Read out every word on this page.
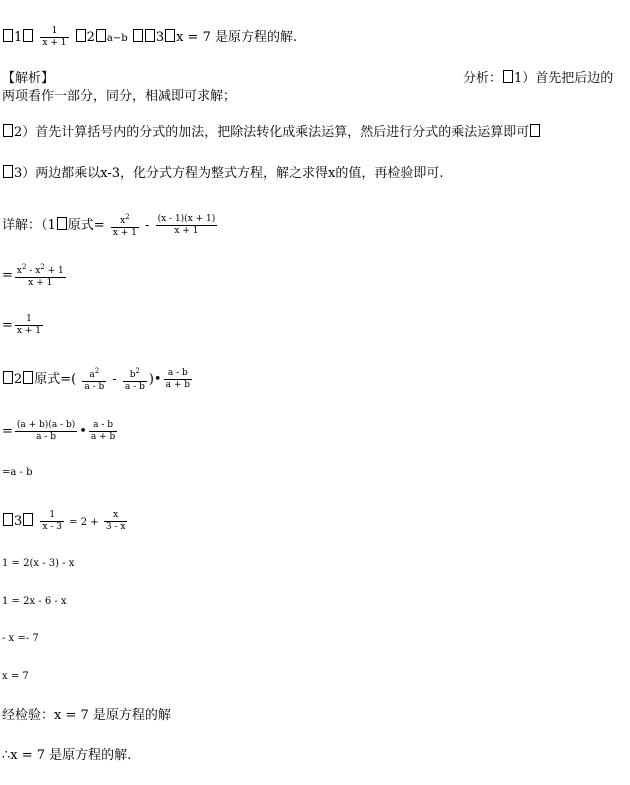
$1 \frac{1}{x + 1} 2$ a−b 3 x = 7 是原方程的解.
【解析】	分析： 1）首先把后边的
两项看作一部分，同分，相减即可求解；
2）首先计算括号内的分式的加法，把除法转化成乘法运算，然后进行分式的乘法运算即可
3）两边都乘以x-3，化分式方程为整式方程，解之求得x的值，再检验即可.
详解：（1 原式= $\frac{x^2}{x + 1} - \frac{(x - 1)(x + 1)}{x + 1}$
= $\frac{x^2 - x^2 + 1}{x + 1}$
= $\frac{1}{x + 1}$
2 原式=( $\frac{a^2}{a - b} - \frac{b^2}{a - b}$ )• $\frac{a - b}{a + b}$
= $\frac{(a + b)(a - b)}{a - b}$ • $\frac{a - b}{a + b}$
=a - b
$3 \frac{1}{x - 3} = 2 + \frac{x}{3 - x}$
1 = 2(x - 3) - x
1 = 2x - 6 - x
- x =- 7
x = 7
经检验：x = 7 是原方程的解
∴x = 7 是原方程的解.
